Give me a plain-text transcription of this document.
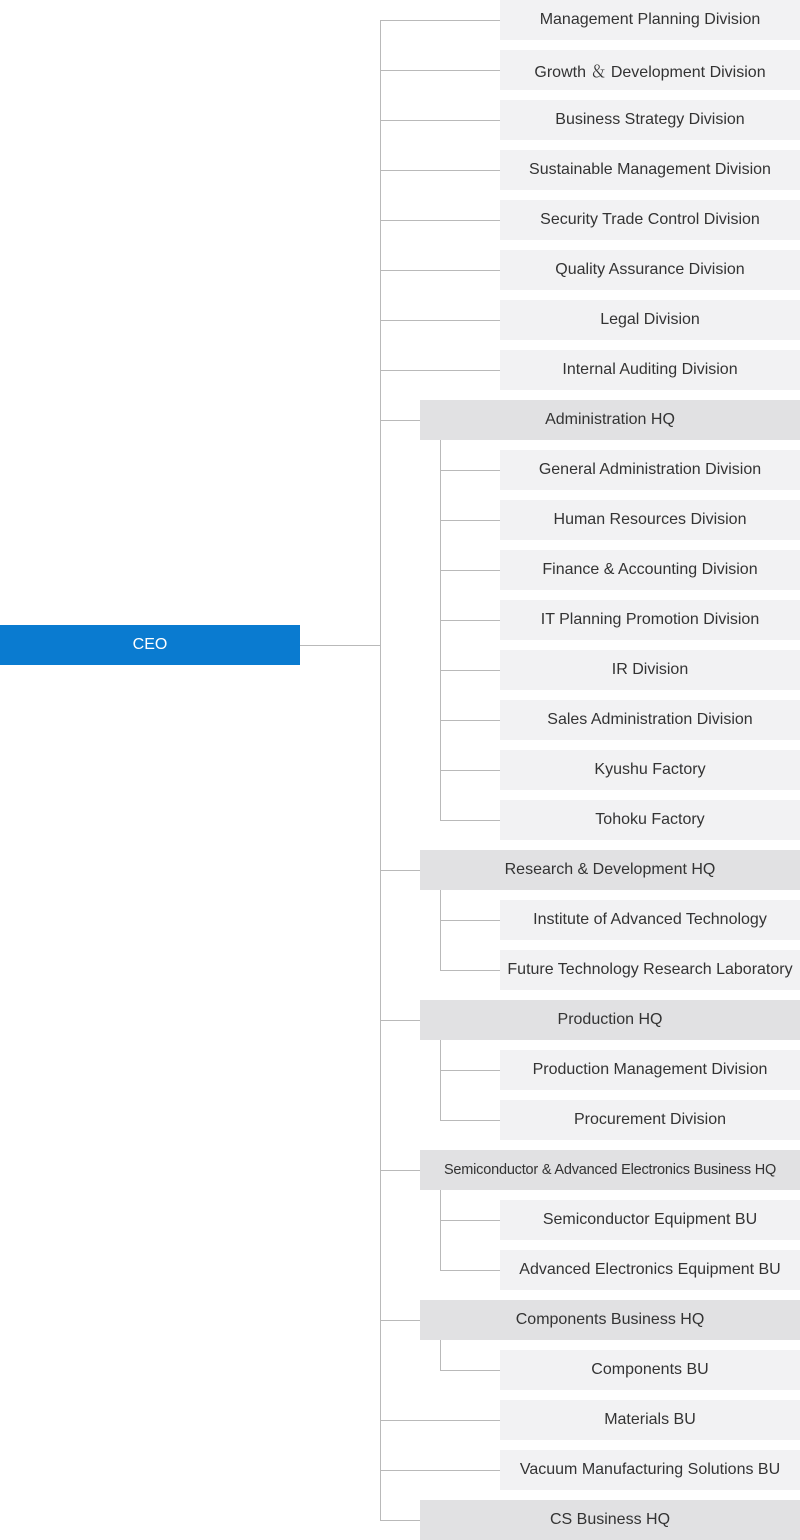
CEO
Management Planning Division
Growth ＆ Development Division
Business Strategy Division
Sustainable Management Division
Security Trade Control Division
Quality Assurance Division
Legal Division
Internal Auditing Division
Administration HQ
General Administration Division
Human Resources Division
Finance & Accounting Division
IT Planning Promotion Division
IR Division
Sales Administration Division
Kyushu Factory
Tohoku Factory
Research & Development HQ
Institute of Advanced Technology
Future Technology Research Laboratory
Production HQ
Production Management Division
Procurement Division
Semiconductor & Advanced Electronics Business HQ
Semiconductor Equipment BU
Advanced Electronics Equipment BU
Components Business HQ
Components BU
Materials BU
Vacuum Manufacturing Solutions BU
CS Business HQ
